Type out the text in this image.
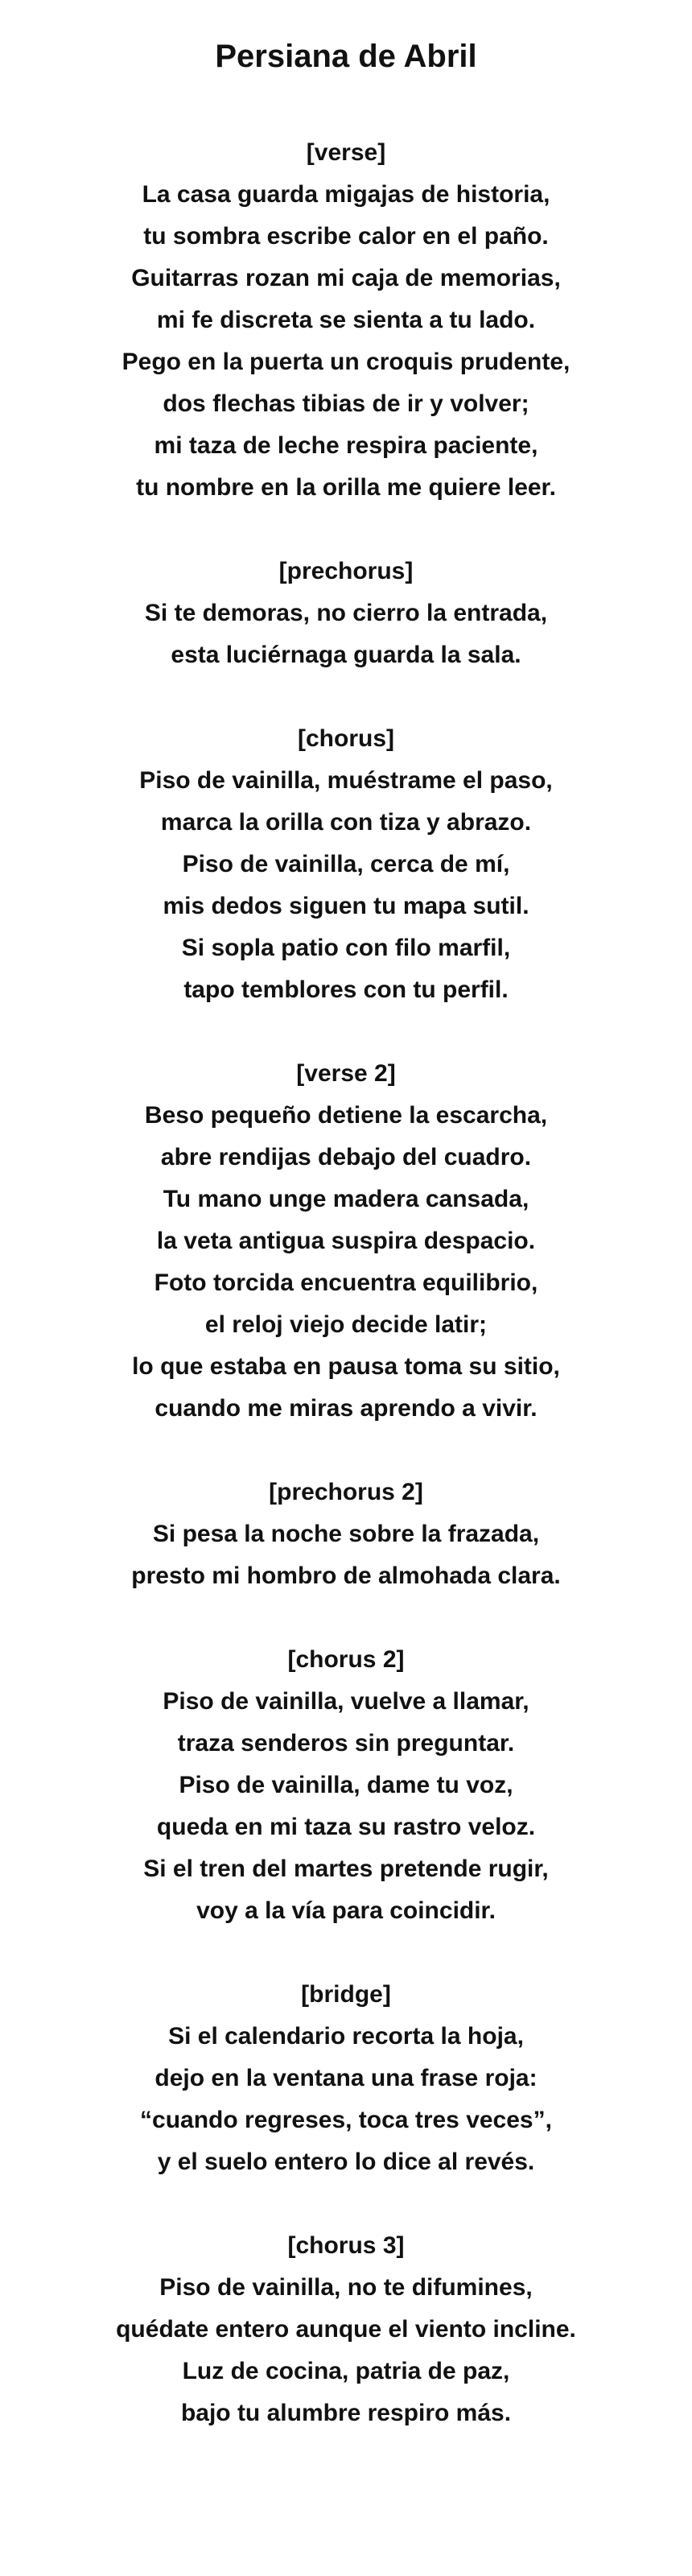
Persiana de Abril
[verse]
La casa guarda migajas de historia,
tu sombra escribe calor en el paño.
Guitarras rozan mi caja de memorias,
mi fe discreta se sienta a tu lado.
Pego en la puerta un croquis prudente,
dos flechas tibias de ir y volver;
mi taza de leche respira paciente,
tu nombre en la orilla me quiere leer.
[prechorus]
Si te demoras, no cierro la entrada,
esta luciérnaga guarda la sala.
[chorus]
Piso de vainilla, muéstrame el paso,
marca la orilla con tiza y abrazo.
Piso de vainilla, cerca de mí,
mis dedos siguen tu mapa sutil.
Si sopla patio con filo marfil,
tapo temblores con tu perfil.
[verse 2]
Beso pequeño detiene la escarcha,
abre rendijas debajo del cuadro.
Tu mano unge madera cansada,
la veta antigua suspira despacio.
Foto torcida encuentra equilibrio,
el reloj viejo decide latir;
lo que estaba en pausa toma su sitio,
cuando me miras aprendo a vivir.
[prechorus 2]
Si pesa la noche sobre la frazada,
presto mi hombro de almohada clara.
[chorus 2]
Piso de vainilla, vuelve a llamar,
traza senderos sin preguntar.
Piso de vainilla, dame tu voz,
queda en mi taza su rastro veloz.
Si el tren del martes pretende rugir,
voy a la vía para coincidir.
[bridge]
Si el calendario recorta la hoja,
dejo en la ventana una frase roja:
“cuando regreses, toca tres veces”,
y el suelo entero lo dice al revés.
[chorus 3]
Piso de vainilla, no te difumines,
quédate entero aunque el viento incline.
Luz de cocina, patria de paz,
bajo tu alumbre respiro más.
